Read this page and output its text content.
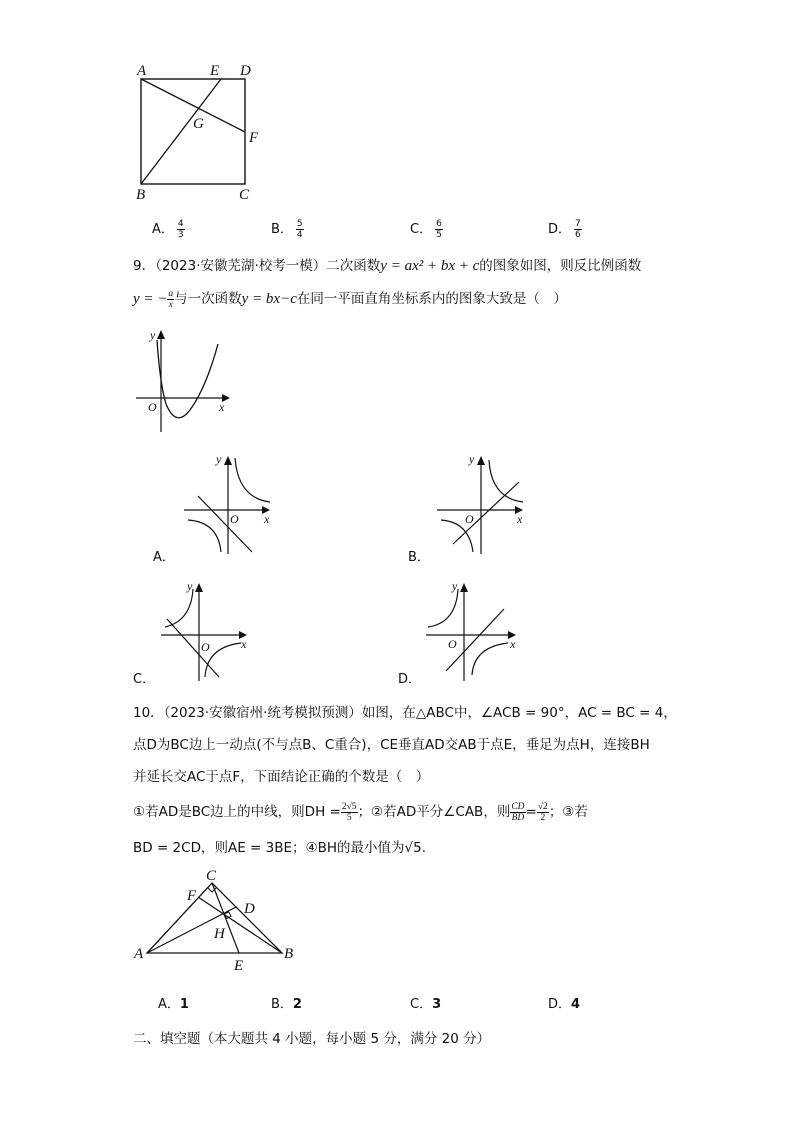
A	E D
G
F
B	C
A． $\frac{4}{3}$	B． $\frac{5}{4}$	C． $\frac{6}{5}$	D． $\frac{7}{6}$
9．（2023·安徽芜湖·校考一模）二次函数y = ax² + bx + c的图象如图，则反比例函数
y = − $\frac{a}{x}$ 与一次函数y = bx−c在同一平面直角坐标系内的图象大致是（　）
y
x
O
y
x
O
A．
y
x
O
B．
y
x
O
C．
y
x
O
D．
10．（2023·安徽宿州·统考模拟预测）如图，在△ABC中，∠ACB = 90°，AC = BC = 4，
点D为BC边上一动点(不与点B、C重合)，CE垂直AD交AB于点E，垂足为点H，连接BH
并延长交AC于点F，下面结论正确的个数是（　）
①若AD是BC边上的中线，则DH = $\frac{2√5}{5}$ ；②若AD平分∠CAB，则 $\frac{CD}{BD} = \frac{√2}{2}$ ；③若
BD = 2CD，则AE = 3BE；④BH的最小值为√5.
C
F
D
H
A
E
B
A．1	B．2	C．3	D．4
二、填空题（本大题共 4 小题，每小题 5 分，满分 20 分）
